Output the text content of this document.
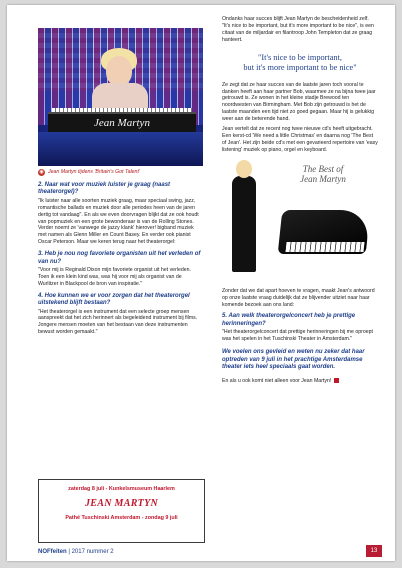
Jean Martyn
◉ Jean Martyn tijdens 'Britain's Got Talent'
2. Naar wat voor muziek luister je graag (naast theaterorgel)?

"Ik luister naar alle soorten muziek graag, maar speciaal swing, jazz, romantische ballads en muziek door alle periodes heen van de jaren dertig tot vandaag". En als we even doorvragen blijkt dat ze ook houdt van popmuziek en een grote bewonderaar is van de Rolling Stones. Verder noemt ze 'vanwege de jazzy klank' hierover! bigband muziek met namen als Glenn Miller en Count Basey. En verder ook pianist Oscar Peterson. Maar we keren terug naar het theaterorgel:

3. Heb je nou nog favoriete organisten uit het verleden of van nu?

"Voor mij is Reginald Dixon mijn favoriete organist uit het verleden. Toen ik een klein kind was, was hij voor mij als organist van de Wurlitzer in Blackpool de bron van inspiratie."

4. Hoe kunnen we er voor zorgen dat het theaterorgel uitstekend blijft bestaan?

"Het theaterorgel is een instrument dat een selecte groep mensen aanspreekt dat het zich herinnert als begeleidend instrument bij films. Jongere mensen moeten van het bestaan van deze instrumenten bewust worden gemaakt."

zaterdag 8 juli - Kunkelsmuseum Haarlem
JEAN MARTYN
Pathé Tuschinski Amsterdam - zondag 9 juli

Ondanks haar succes blijft Jean Martyn de bescheidenheid zelf. "It's nice to be important, but it's more important to be nice", is een citaat van de miljardair en filantroop John Templeton dat ze graag hanteert.

"It's nice to be important,
but it's more important to be nice"

Ze zegt dat ze haar succes van de laatste jaren toch vooral te danken heeft aan haar partner Bob, waarmee ze na bijna twee jaar getrouwd is. Ze wonen in het kleine stadje Brewood ten noordwesten van Birmingham. Met Bob zijn getrouwd is het de laatste maanden een tijd niet zo goed gegaan. Maar hij is gelukkig weer aan de beterende hand.

Jean vertelt dat ze recent nog twee nieuwe cd's heeft uitgebracht. Een kerst-cd 'We need a little Christmas' en daarna nog 'The Best of Jean'. Het zijn beide cd's met een gevarieerd repertoire van 'easy listening' muziek op piano, orgel en keyboard.

The Best of
Jean Martyn

Zonder dat we dat apart hoeven te vragen, maakt Jean's antwoord op onze laatste vraag duidelijk dat ze blijvender uitziet naar haar komende bezoek aan ons land:

5. Aan welk theaterorgelconcert heb je prettige herinneringen?

"Het theaterorgelconcert dat prettige herinneringen bij me oproept was het spelen in het Tuschinski Theater in Amsterdam."

We voelen ons gevleid en weten nu zeker dat haar optreden van 9 juli in het prachtige Amsterdamse theater iets heel speciaals gaat worden.

En als u ook komt niet alleen voor Jean Martyn!

NOFfeiten | 2017 nummer 2	13
